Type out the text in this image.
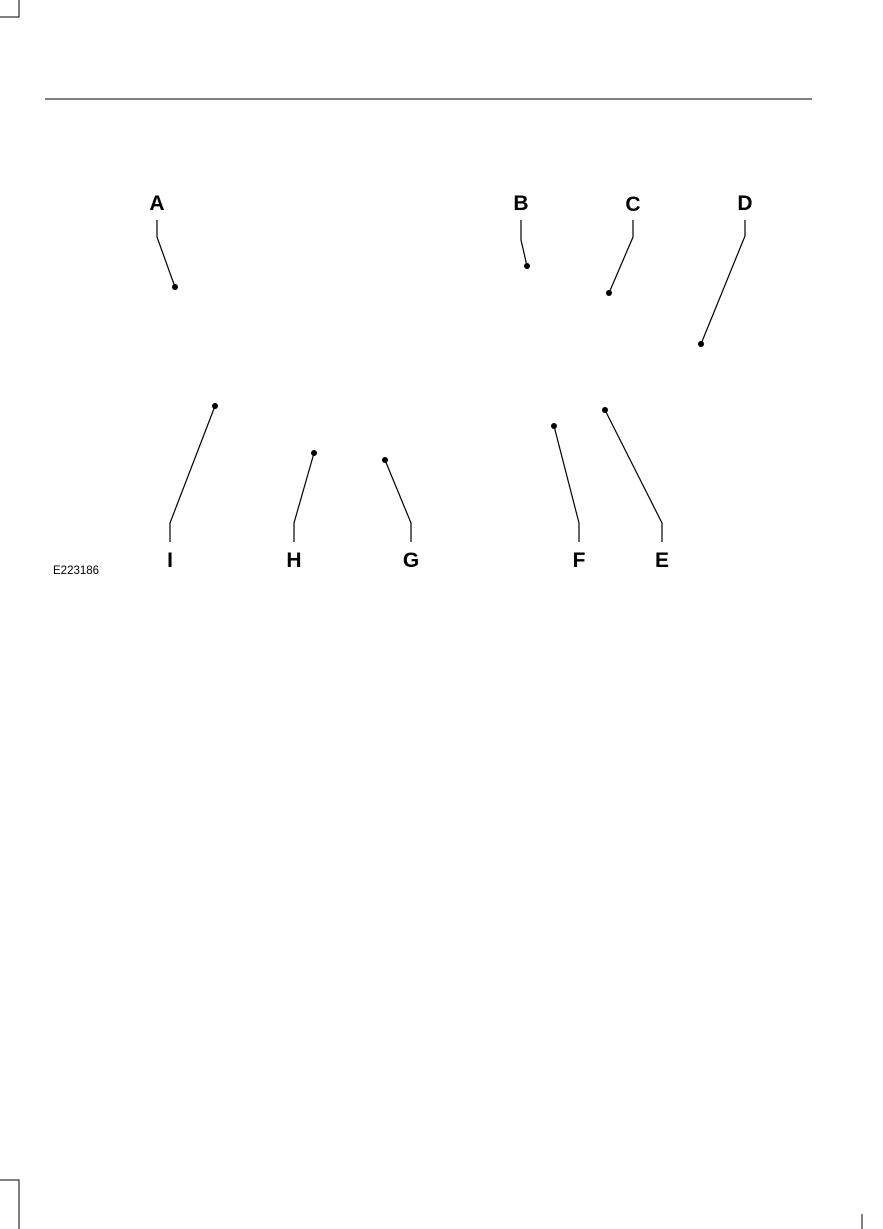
A	B	C	D
E
F
G
H
I
E223186
